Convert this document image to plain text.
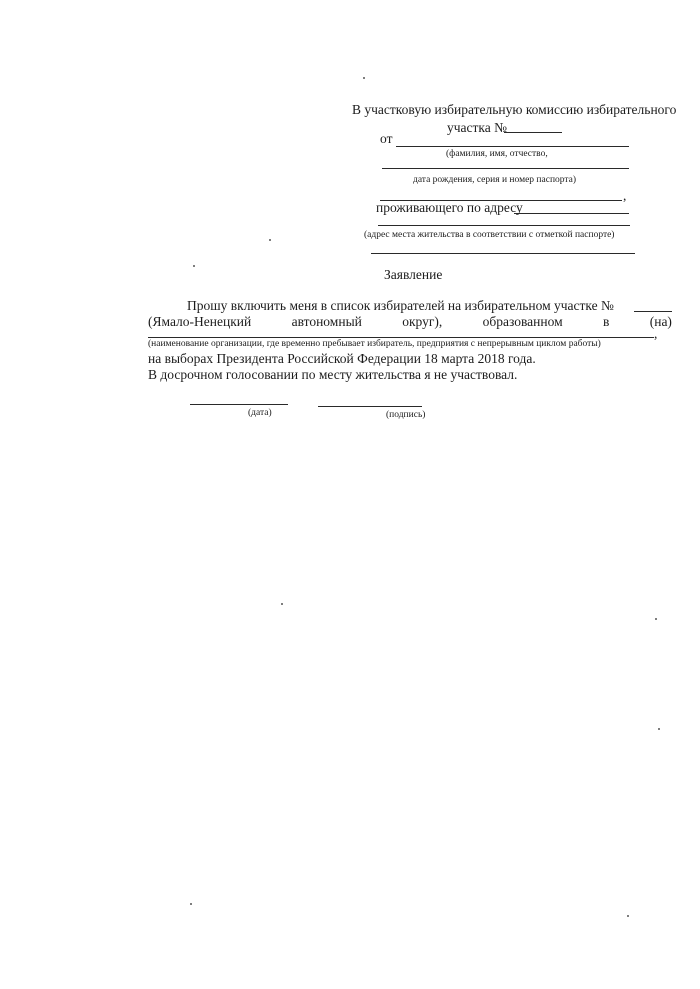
В участковую избирательную комиссию избирательного
участка №
от
(фамилия, имя, отчество,
дата рождения, серия и номер паспорта)
,
проживающего по адресу
(адрес места жительства в соответствии с отметкой паспорте)
Заявление
Прошу включить меня в список избирателей на избирательном участке №
(Ямало-Ненецкий	автономный	округ),	образованном	в	(на)
,
(наименование организации, где временно пребывает избиратель, предприятия с непрерывным циклом работы)
на выборах Президента Российской Федерации 18 марта 2018 года.
В досрочном голосовании по месту жительства я не участвовал.
(дата)	(подпись)
